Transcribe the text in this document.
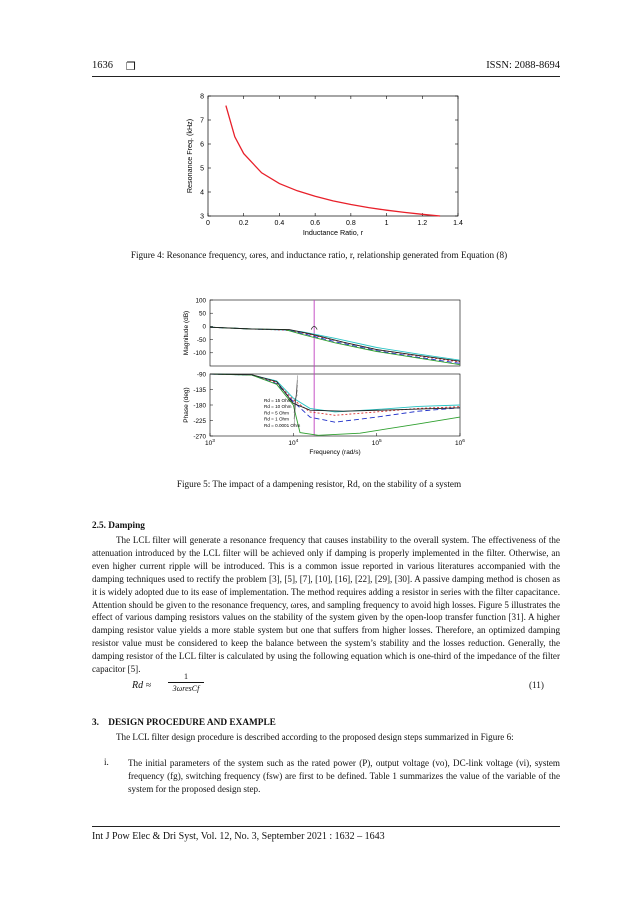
1636 ❐	ISSN: 2088-8694
0	0.2	0.4	0.6	0.8	1	1.2	1.4
3
4
5
6
7
8
Inductance Ratio, r
Resonance Freq. (kHz)
Figure 4: Resonance frequency, ωres, and inductance ratio, r, relationship generated from Equation (8)
100
50
0
-50
-100
-90
-135
-180
-225
-270
Magnitude (dB)
Phase (deg)
$10^3$	$10^4$	$10^5$	$10^6$
Frequency (rad/s)
Rd = 15 Ohm
Rd = 10 Ohm
Rd = 5 Ohm
Rd = 1 Ohm
Rd = 0.0001 Ohm
Figure 5: The impact of a dampening resistor, Rd, on the stability of a system
2.5. Damping

The LCL filter will generate a resonance frequency that causes instability to the overall system. The effectiveness of the attenuation introduced by the LCL filter will be achieved only if damping is properly implemented in the filter. Otherwise, an even higher current ripple will be introduced. This is a common issue reported in various literatures accompanied with the damping techniques used to rectify the problem [3], [5], [7], [10], [16], [22], [29], [30]. A passive damping method is chosen as it is widely adopted due to its ease of implementation. The method requires adding a resistor in series with the filter capacitance. Attention should be given to the resonance frequency, ωres, and sampling frequency to avoid high losses. Figure 5 illustrates the effect of various damping resistors values on the stability of the system given by the open-loop transfer function [31]. A higher damping resistor value yields a more stable system but one that suffers from higher losses. Therefore, an optimized damping resistor value must be considered to keep the balance between the system’s stability and the losses reduction. Generally, the damping resistor of the LCL filter is calculated by using the following equation which is one-third of the impedance of the filter capacitor [5].

Rd ≈
1
3ωresCf	(11)
3.    DESIGN PROCEDURE AND EXAMPLE

The LCL filter design procedure is described according to the proposed design steps summarized in Figure 6:

i. The initial parameters of the system such as the rated power (P), output voltage (vo), DC-link voltage (vi), system frequency (fg), switching frequency (fsw) are first to be defined. Table 1 summarizes the value of the variable of the system for the proposed design step.

Int J Pow Elec & Dri Syst, Vol. 12, No. 3, September 2021 : 1632 – 1643
